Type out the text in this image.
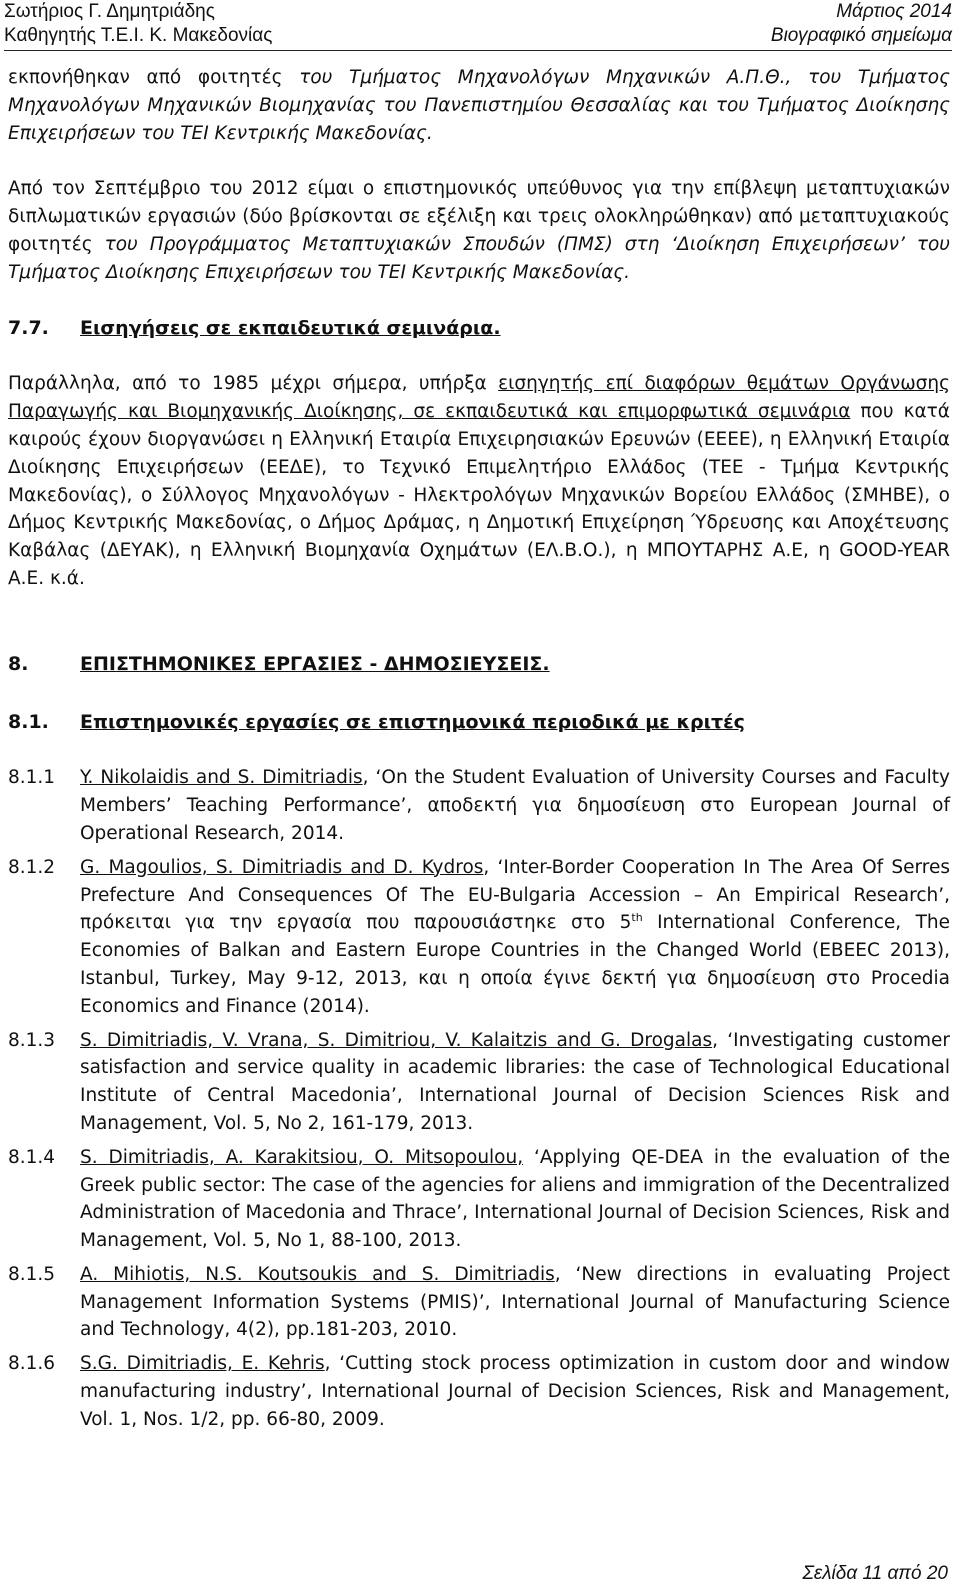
Σωτήριος Γ. Δημητριάδης
Καθηγητής Τ.Ε.Ι. Κ. Μακεδονίας
Μάρτιος 2014
Βιογραφικό σημείωμα

εκπονήθηκαν από φοιτητές του Τμήματος Μηχανολόγων Μηχανικών Α.Π.Θ., του Τμήματος Μηχανολόγων Μηχανικών Βιομηχανίας του Πανεπιστημίου Θεσσαλίας και του Τμήματος Διοίκησης Επιχειρήσεων του ΤΕΙ Κεντρικής Μακεδονίας.

Από τον Σεπτέμβριο του 2012 είμαι ο επιστημονικός υπεύθυνος για την επίβλεψη μεταπτυχιακών διπλωματικών εργασιών (δύο βρίσκονται σε εξέλιξη και τρεις ολοκληρώθηκαν) από μεταπτυχιακούς φοιτητές του Προγράμματος Μεταπτυχιακών Σπουδών (ΠΜΣ) στη ‘Διοίκηση Επιχειρήσεων’ του Τμήματος Διοίκησης Επιχειρήσεων του ΤΕΙ Κεντρικής Μακεδονίας.

7.7.	Εισηγήσεις σε εκπαιδευτικά σεμινάρια.

Παράλληλα, από το 1985 μέχρι σήμερα, υπήρξα εισηγητής επί διαφόρων θεμάτων Οργάνωσης Παραγωγής και Βιομηχανικής Διοίκησης, σε εκπαιδευτικά και επιμορφωτικά σεμινάρια που κατά καιρούς έχουν διοργανώσει η Ελληνική Εταιρία Επιχειρησιακών Ερευνών (ΕΕΕΕ), η Ελληνική Εταιρία Διοίκησης Επιχειρήσεων (ΕΕΔΕ), το Τεχνικό Επιμελητήριο Ελλάδος (ΤΕΕ - Τμήμα Κεντρικής Μακεδονίας), ο Σύλλογος Μηχανολόγων - Ηλεκτρολόγων Μηχανικών Βορείου Ελλάδος (ΣΜΗΒΕ), ο Δήμος Κεντρικής Μακεδονίας, ο Δήμος Δράμας, η Δημοτική Επιχείρηση Ύδρευσης και Αποχέτευσης Καβάλας (ΔΕΥΑΚ), η Ελληνική Βιομηχανία Οχημάτων (ΕΛ.Β.Ο.), η ΜΠΟΥΤΑΡΗΣ Α.Ε, η GOOD-YEAR Α.Ε. κ.ά.

8.	ΕΠΙΣΤΗΜΟΝΙΚΕΣ ΕΡΓΑΣΙΕΣ - ΔΗΜΟΣΙΕΥΣΕΙΣ.
8.1.	Επιστημονικές εργασίες σε επιστημονικά περιοδικά με κριτές
8.1.1	Y. Nikolaidis and S. Dimitriadis, ‘On the Student Evaluation of University Courses and Faculty Members’ Teaching Performance’, αποδεκτή για δημοσίευση στο European Journal of Operational Research, 2014.
8.1.2	G. Magoulios, S. Dimitriadis and D. Kydros, ‘Inter-Border Cooperation In The Area Of Serres Prefecture And Consequences Of The EU-Bulgaria Accession – An Empirical Research’, πρόκειται για την εργασία που παρουσιάστηκε στο 5th International Conference, The Economies of Balkan and Eastern Europe Countries in the Changed World (EBEEC 2013), Istanbul, Turkey, May 9-12, 2013, και η οποία έγινε δεκτή για δημοσίευση στο Procedia Economics and Finance (2014).
8.1.3	S. Dimitriadis, V. Vrana, S. Dimitriou, V. Kalaitzis and G. Drogalas, ‘Investigating customer satisfaction and service quality in academic libraries: the case of Technological Educational Institute of Central Macedonia’, International Journal of Decision Sciences Risk and Management, Vol. 5, No 2, 161-179, 2013.
8.1.4	S. Dimitriadis, A. Karakitsiou, O. Mitsopoulou, ‘Applying QE-DEA in the evaluation of the Greek public sector: The case of the agencies for aliens and immigration of the Decentralized Administration of Macedonia and Thrace’, International Journal of Decision Sciences, Risk and Management, Vol. 5, No 1, 88-100, 2013.
8.1.5	A. Mihiotis, N.S. Koutsoukis and S. Dimitriadis, ‘New directions in evaluating Project Management Information Systems (PMIS)’, International Journal of Manufacturing Science and Technology, 4(2), pp.181-203, 2010.
8.1.6	S.G. Dimitriadis, E. Kehris, ‘Cutting stock process optimization in custom door and window manufacturing industry’, International Journal of Decision Sciences, Risk and Management, Vol. 1, Nos. 1/2, pp. 66-80, 2009.
Σελίδα 11 από 20
